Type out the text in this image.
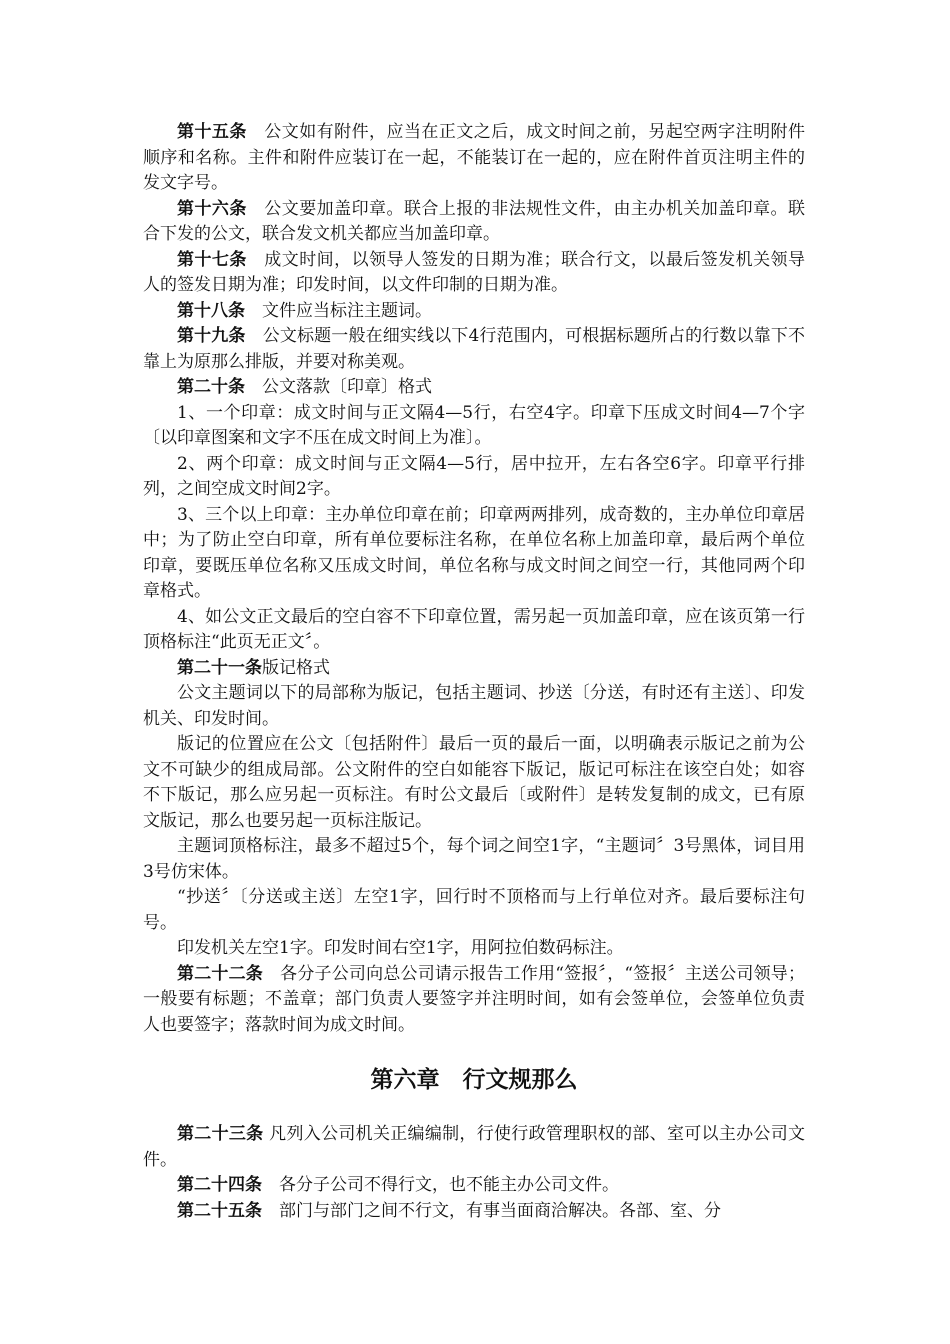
第十五条　公文如有附件，应当在正文之后，成文时间之前，另起空两字注明附件顺序和名称。主件和附件应装订在一起，不能装订在一起的，应在附件首页注明主件的发文字号。

第十六条　公文要加盖印章。联合上报的非法规性文件，由主办机关加盖印章。联合下发的公文，联合发文机关都应当加盖印章。

第十七条　成文时间，以领导人签发的日期为准；联合行文，以最后签发机关领导人的签发日期为准；印发时间，以文件印制的日期为准。

第十八条　文件应当标注主题词。

第十九条　公文标题一般在细实线以下4行范围内，可根据标题所占的行数以靠下不靠上为原那么排版，并要对称美观。

第二十条　公文落款〔印章〕格式

1、一个印章：成文时间与正文隔4—5行，右空4字。印章下压成文时间4—7个字〔以印章图案和文字不压在成文时间上为准〕。

2、两个印章：成文时间与正文隔4—5行，居中拉开，左右各空6字。印章平行排列，之间空成文时间2字。

3、三个以上印章：主办单位印章在前；印章两两排列，成奇数的，主办单位印章居中；为了防止空白印章，所有单位要标注名称，在单位名称上加盖印章，最后两个单位印章，要既压单位名称又压成文时间，单位名称与成文时间之间空一行，其他同两个印章格式。

4、如公文正文最后的空白容不下印章位置，需另起一页加盖印章，应在该页第一行顶格标注“此页无正文〞。

第二十一条版记格式

公文主题词以下的局部称为版记，包括主题词、抄送〔分送，有时还有主送〕、印发机关、印发时间。

版记的位置应在公文〔包括附件〕最后一页的最后一面，以明确表示版记之前为公文不可缺少的组成局部。公文附件的空白如能容下版记，版记可标注在该空白处；如容不下版记，那么应另起一页标注。有时公文最后〔或附件〕是转发复制的成文，已有原文版记，那么也要另起一页标注版记。

主题词顶格标注，最多不超过5个，每个词之间空1字，“主题词〞3号黑体，词目用3号仿宋体。

“抄送〞〔分送或主送〕左空1字，回行时不顶格而与上行单位对齐。最后要标注句号。

印发机关左空1字。印发时间右空1字，用阿拉伯数码标注。

第二十二条　各分子公司向总公司请示报告工作用“签报〞，“签报〞主送公司领导；一般要有标题；不盖章；部门负责人要签字并注明时间，如有会签单位，会签单位负责人也要签字；落款时间为成文时间。

第六章　行文规那么

第二十三条 凡列入公司机关正编编制，行使行政管理职权的部、室可以主办公司文件。

第二十四条　各分子公司不得行文，也不能主办公司文件。

第二十五条　部门与部门之间不行文，有事当面商洽解决。各部、室、分
